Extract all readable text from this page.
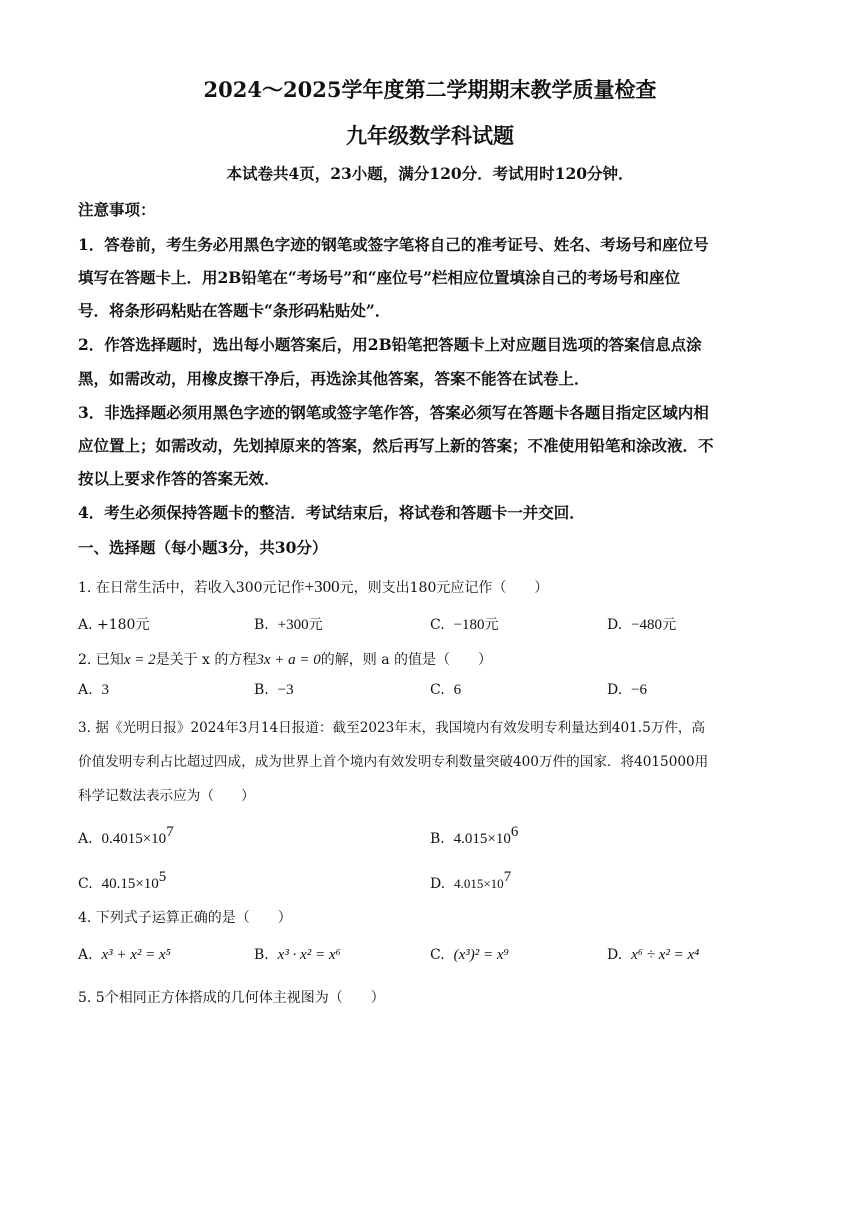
2024～2025学年度第二学期期末教学质量检查
九年级数学科试题
本试卷共4页，23小题，满分120分．考试用时120分钟．
注意事项：
1．答卷前，考生务必用黑色字迹的钢笔或签字笔将自己的准考证号、姓名、考场号和座位号
填写在答题卡上．用2B铅笔在“考场号”和“座位号”栏相应位置填涂自己的考场号和座位
号．将条形码粘贴在答题卡“条形码粘贴处”．
2．作答选择题时，选出每小题答案后，用2B铅笔把答题卡上对应题目选项的答案信息点涂
黑，如需改动，用橡皮擦干净后，再选涂其他答案，答案不能答在试卷上．
3．非选择题必须用黑色字迹的钢笔或签字笔作答，答案必须写在答题卡各题目指定区域内相
应位置上；如需改动，先划掉原来的答案，然后再写上新的答案；不准使用铅笔和涂改液．不
按以上要求作答的答案无效．
4．考生必须保持答题卡的整洁．考试结束后，将试卷和答题卡一并交回．
一、选择题（每小题3分，共30分）
1. 在日常生活中，若收入300元记作+300元，则支出180元应记作（　　）
A. +180元	B. +300元	C. −180元	D. −480元
2. 已知x = 2是关于 x 的方程3x + a = 0的解，则 a 的值是（　　）
A. 3	B. −3	C. 6	D. −6
3. 据《光明日报》2024年3月14日报道：截至2023年末，我国境内有效发明专利量达到401.5万件，高
价值发明专利占比超过四成，成为世界上首个境内有效发明专利数量突破400万件的国家．将4015000用
科学记数法表示应为（　　）
A. $0.4015\times 10^7$	B. $4.015\times 10^6$
C. $40.15\times 10^5$	D. $4.015\times 10^7$
4. 下列式子运算正确的是（　　）
A. x³ + x² = x⁵	B. x³ · x² = x⁶	C. (x³)² = x⁹	D. x⁶ ÷ x² = x⁴
5. 5个相同正方体搭成的几何体主视图为（　　）
